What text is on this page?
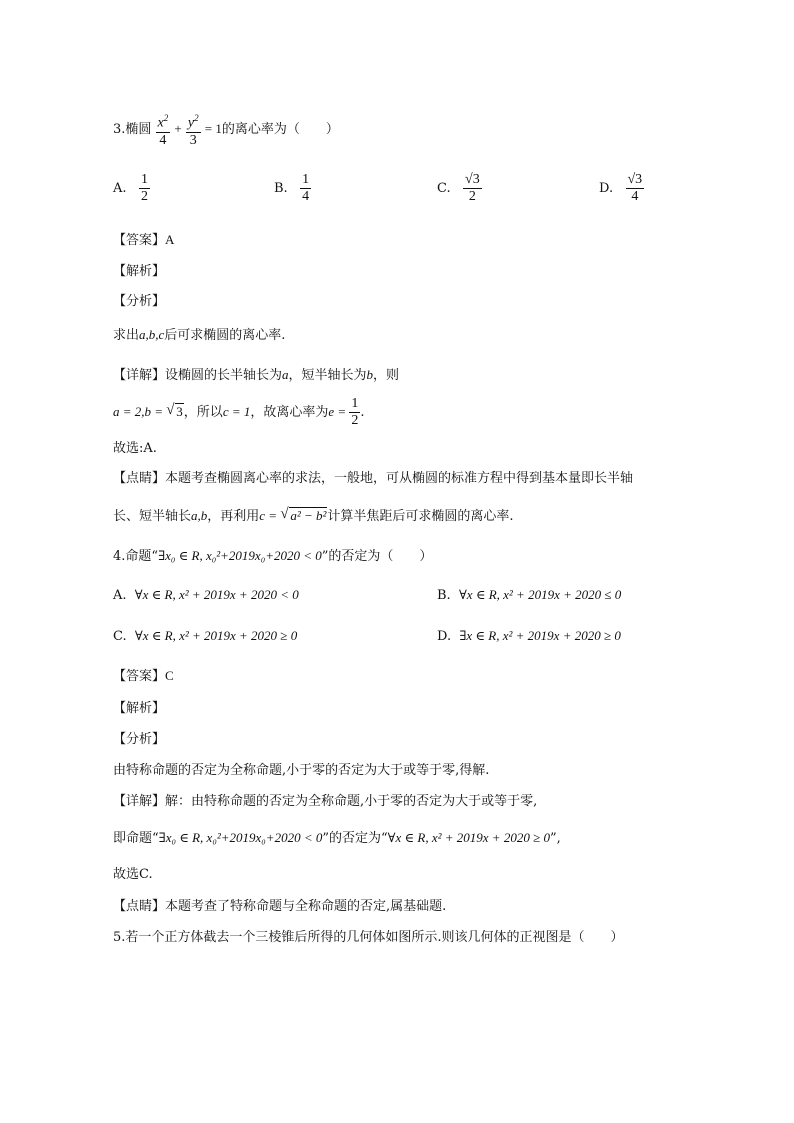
3.椭圆 $\frac{x^2}{4} + \frac{y^2}{3} = 1$的离心率为（　　）
A. $\frac{1}{2}$	B. $\frac{1}{4}$	C. $\frac{√3}{2}$	D. $\frac{√3}{4}$
【答案】A
【解析】
【分析】
求出a,b,c后可求椭圆的离心率.
【详解】设椭圆的长半轴长为a，短半轴长为b，则
a = 2,b = √ 3，所以c = 1，故离心率为$e = \frac{1}{2}$ .
故选:A.
【点睛】本题考查椭圆离心率的求法，一般地，可从椭圆的标准方程中得到基本量即长半轴
长、短半轴长a,b，再利用c = √ a² − b²计算半焦距后可求椭圆的离心率.
4.命题“∃x₀ ∈ R, x₀²+2019x₀+2020 < 0”的否定为（　　）
A. ∀x ∈ R, x² + 2019x + 2020 < 0	B. ∀x ∈ R, x² + 2019x + 2020 ≤ 0
C. ∀x ∈ R, x² + 2019x + 2020 ≥ 0	D. ∃x ∈ R, x² + 2019x + 2020 ≥ 0
【答案】C
【解析】
【分析】
由特称命题的否定为全称命题,小于零的否定为大于或等于零,得解.
【详解】解：由特称命题的否定为全称命题,小于零的否定为大于或等于零,
即命题“∃x₀ ∈ R, x₀²+2019x₀+2020 < 0”的否定为“∀x ∈ R, x² + 2019x + 2020 ≥ 0”,
故选C.
【点睛】本题考查了特称命题与全称命题的否定,属基础题.
5.若一个正方体截去一个三棱锥后所得的几何体如图所示.则该几何体的正视图是（　　）
